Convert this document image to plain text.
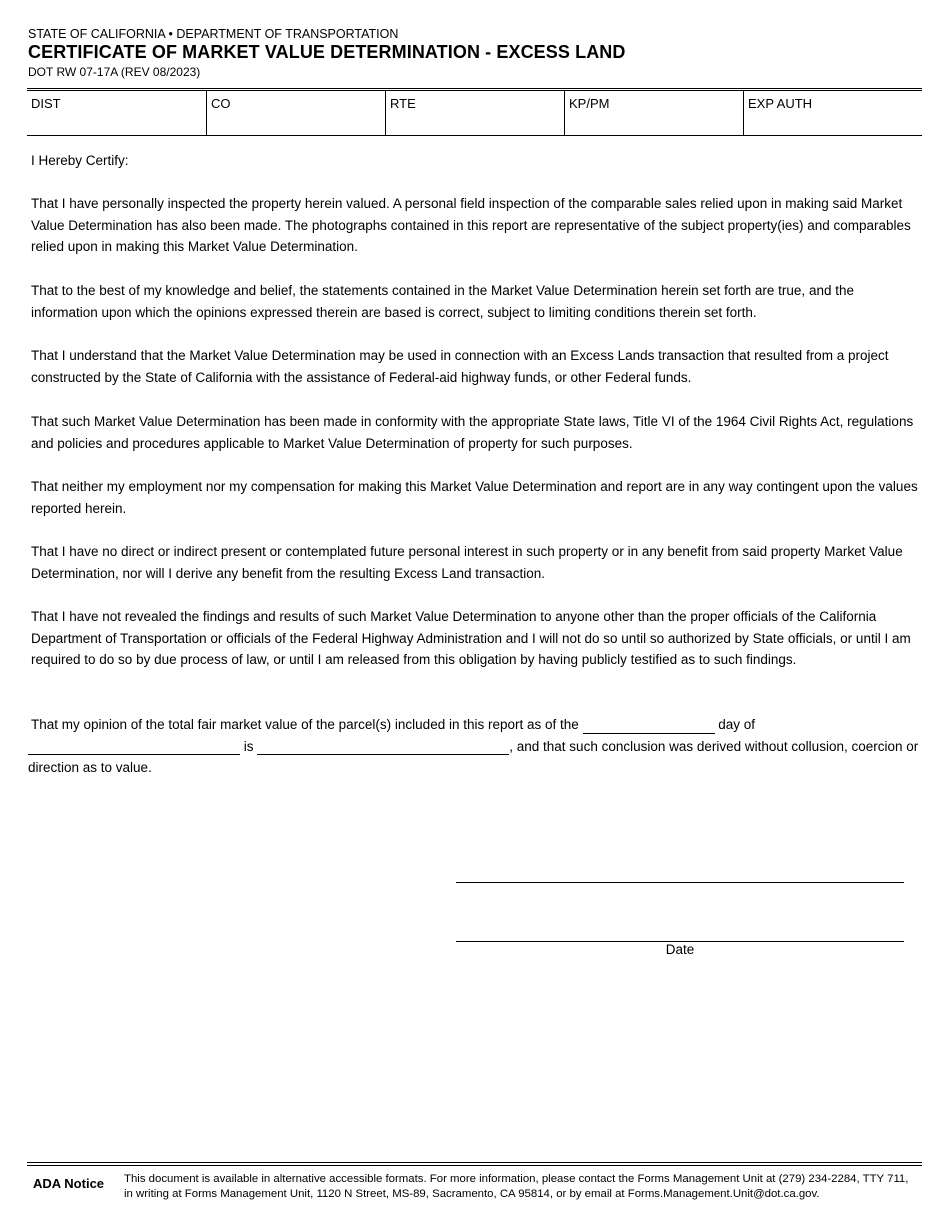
STATE OF CALIFORNIA • DEPARTMENT OF TRANSPORTATION
CERTIFICATE OF MARKET VALUE DETERMINATION - EXCESS LAND
DOT RW 07-17A (REV 08/2023)
DIST	CO	RTE	KP/PM	EXP AUTH

I Hereby Certify:

That I have personally inspected the property herein valued. A personal field inspection of the comparable sales relied upon in making said Market Value Determination has also been made. The photographs contained in this report are representative of the subject property(ies) and comparables relied upon in making this Market Value Determination.

That to the best of my knowledge and belief, the statements contained in the Market Value Determination herein set forth are true, and the information upon which the opinions expressed therein are based is correct, subject to limiting conditions therein set forth.

That I understand that the Market Value Determination may be used in connection with an Excess Lands transaction that resulted from a project constructed by the State of California with the assistance of Federal-aid highway funds, or other Federal funds.

That such Market Value Determination has been made in conformity with the appropriate State laws, Title VI of the 1964 Civil Rights Act, regulations and policies and procedures applicable to Market Value Determination of property for such purposes.

That neither my employment nor my compensation for making this Market Value Determination and report are in any way contingent upon the values reported herein.

That I have no direct or indirect present or contemplated future personal interest in such property or in any benefit from said property Market Value Determination, nor will I derive any benefit from the resulting Excess Land transaction.

That I have not revealed the findings and results of such Market Value Determination to anyone other than the proper officials of the California Department of Transportation or officials of the Federal Highway Administration and I will not do so until so authorized by State officials, or until I am required to do so by due process of law, or until I am released from this obligation by having publicly testified as to such findings.

That my opinion of the total fair market value of the parcel(s) included in this report as of the	day of
is	, and that such conclusion was derived without collusion, coercion or direction as to value.
Date
ADA Notice This document is available in alternative accessible formats. For more information, please contact the Forms Management Unit at (279) 234-2284, TTY 711, in writing at Forms Management Unit, 1120 N Street, MS-89, Sacramento, CA 95814, or by email at Forms.Management.Unit@dot.ca.gov.
